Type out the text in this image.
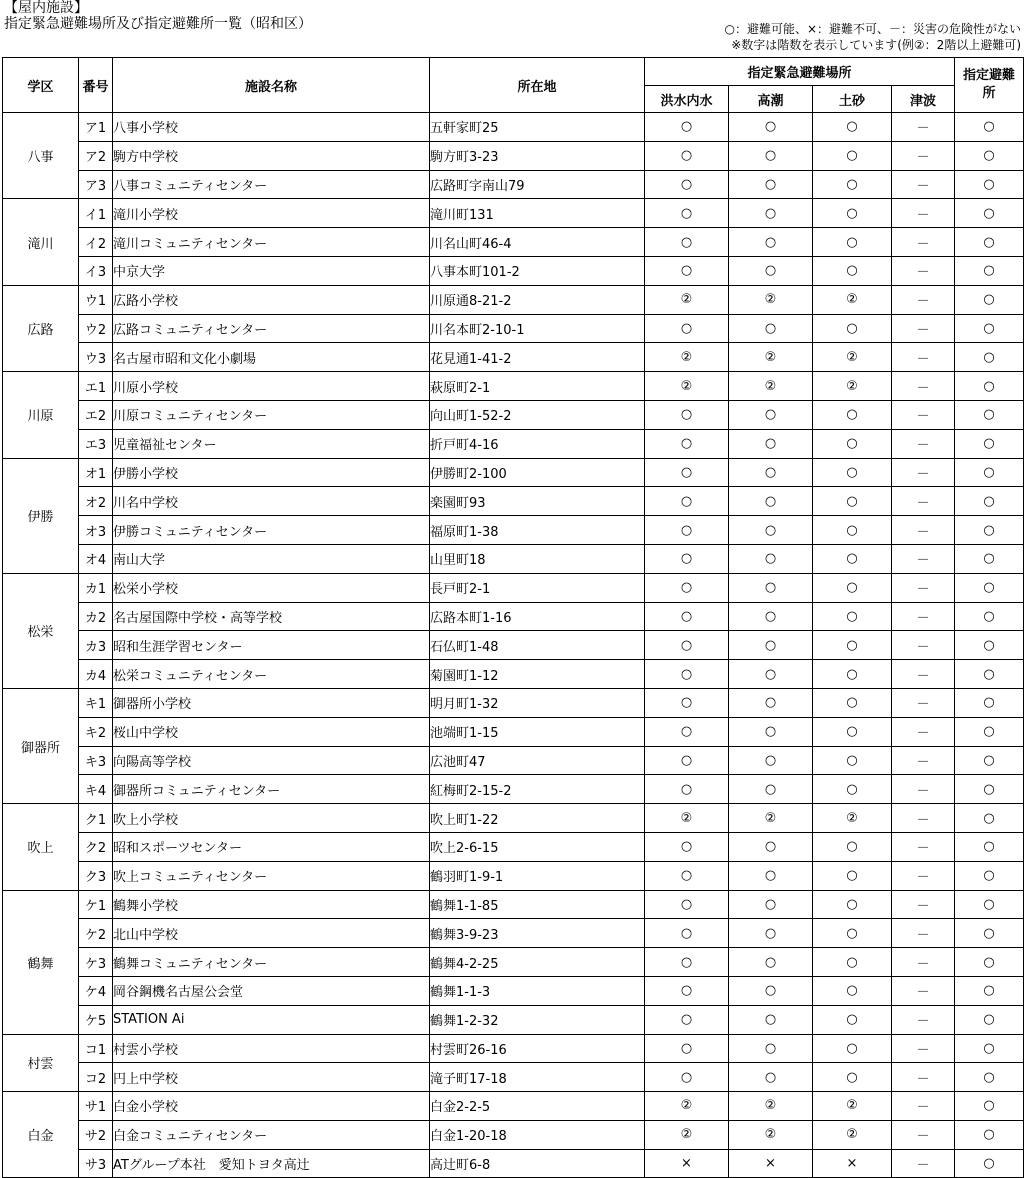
【屋内施設】
指定緊急避難場所及び指定避難所一覧（昭和区）	○：避難可能、×：避難不可、－：災害の危険性がない
※数字は階数を表示しています(例②：2階以上避難可)
学区	番号	施設名称	所在地	指定緊急避難場所				指定避難所
				洪水内水	高潮	土砂	津波	
八事	ア1	八事小学校	五軒家町25	○	○	○	－	○
	ア2	駒方中学校	駒方町3-23	○	○	○	－	○
	ア3	八事コミュニティセンター	広路町字南山79	○	○	○	－	○
滝川	イ1	滝川小学校	滝川町131	○	○	○	－	○
	イ2	滝川コミュニティセンター	川名山町46-4	○	○	○	－	○
	イ3	中京大学	八事本町101-2	○	○	○	－	○
広路	ウ1	広路小学校	川原通8-21-2	②	②	②	－	○
	ウ2	広路コミュニティセンター	川名本町2-10-1	○	○	○	－	○
	ウ3	名古屋市昭和文化小劇場	花見通1-41-2	②	②	②	－	○
川原	エ1	川原小学校	萩原町2-1	②	②	②	－	○
	エ2	川原コミュニティセンター	向山町1-52-2	○	○	○	－	○
	エ3	児童福祉センター	折戸町4-16	○	○	○	－	○
伊勝	オ1	伊勝小学校	伊勝町2-100	○	○	○	－	○
	オ2	川名中学校	楽園町93	○	○	○	－	○
	オ3	伊勝コミュニティセンター	福原町1-38	○	○	○	－	○
	オ4	南山大学	山里町18	○	○	○	－	○
松栄	カ1	松栄小学校	長戸町2-1	○	○	○	－	○
	カ2	名古屋国際中学校・高等学校	広路本町1-16	○	○	○	－	○
	カ3	昭和生涯学習センター	石仏町1-48	○	○	○	－	○
	カ4	松栄コミュニティセンター	菊園町1-12	○	○	○	－	○
御器所	キ1	御器所小学校	明月町1-32	○	○	○	－	○
	キ2	桜山中学校	池端町1-15	○	○	○	－	○
	キ3	向陽高等学校	広池町47	○	○	○	－	○
	キ4	御器所コミュニティセンター	紅梅町2-15-2	○	○	○	－	○
吹上	ク1	吹上小学校	吹上町1-22	②	②	②	－	○
	ク2	昭和スポーツセンター	吹上2-6-15	○	○	○	－	○
	ク3	吹上コミュニティセンター	鶴羽町1-9-1	○	○	○	－	○
鶴舞	ケ1	鶴舞小学校	鶴舞1-1-85	○	○	○	－	○
	ケ2	北山中学校	鶴舞3-9-23	○	○	○	－	○
	ケ3	鶴舞コミュニティセンター	鶴舞4-2-25	○	○	○	－	○
	ケ4	岡谷鋼機名古屋公会堂	鶴舞1-1-3	○	○	○	－	○
	ケ5	STATION Ai	鶴舞1-2-32	○	○	○	－	○
村雲	コ1	村雲小学校	村雲町26-16	○	○	○	－	○
	コ2	円上中学校	滝子町17-18	○	○	○	－	○
白金	サ1	白金小学校	白金2-2-5	②	②	②	－	○
	サ2	白金コミュニティセンター	白金1-20-18	②	②	②	－	○
	サ3	ATグループ本社　愛知トヨタ高辻	高辻町6-8	×	×	×	－	○
